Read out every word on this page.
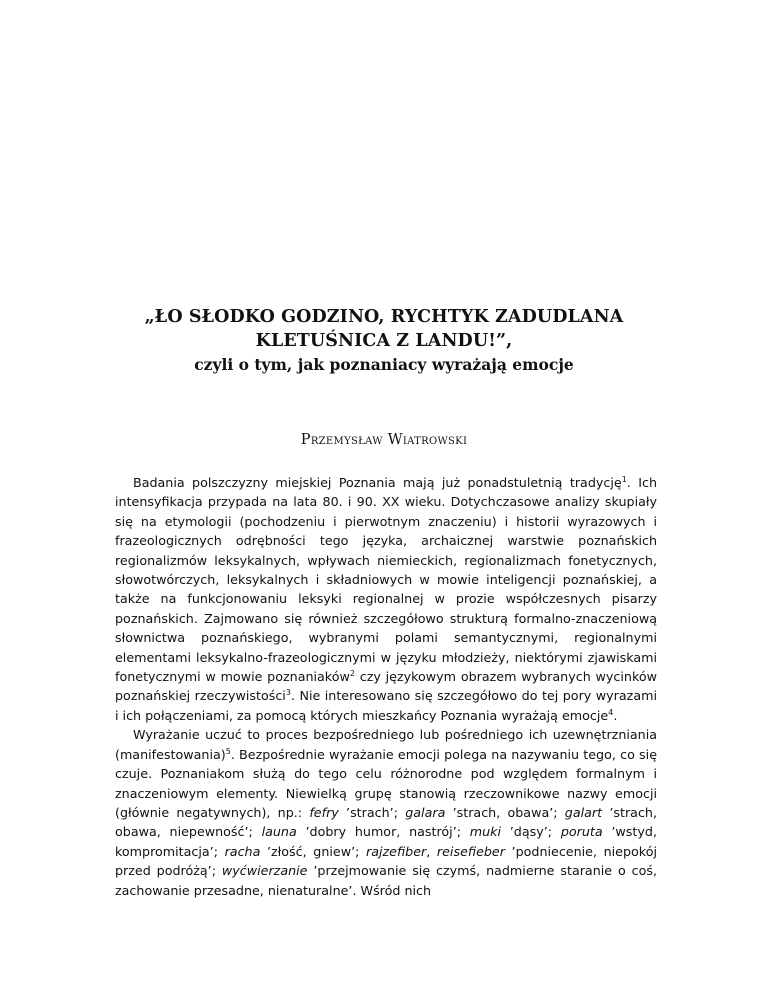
„ŁO SŁODKO GODZINO, RYCHTYK ZADUDLANA
KLETUŚNICA Z LANDU!”,
czyli o tym, jak poznaniacy wyrażają emocje
Przemysław Wiatrowski

Badania polszczyzny miejskiej Poznania mają już ponadstuletnią tradycję$^1$. Ich intensyfikacja przypada na lata 80. i 90. XX wieku. Dotychczasowe analizy skupiały się na etymologii (pochodzeniu i pierwotnym znaczeniu) i historii wyrazowych i frazeologicznych odrębności tego języka, archaicznej warstwie poznańskich regionalizmów leksykalnych, wpływach niemieckich, regionalizmach fonetycznych, słowotwórczych, leksykalnych i składniowych w mowie inteligencji poznańskiej, a także na funkcjonowaniu leksyki regionalnej w prozie współczesnych pisarzy poznańskich. Zajmowano się również szczegółowo strukturą formalno-znaczeniową słownictwa poznańskiego, wybranymi polami semantycznymi, regionalnymi elementami leksykalno-frazeologicznymi w języku młodzieży, niektórymi zjawiskami fonetycznymi w mowie poznaniaków$^2$ czy językowym obrazem wybranych wycinków poznańskiej rzeczywistości$^3$. Nie interesowano się szczegółowo do tej pory wyrazami i ich połączeniami, za pomocą których mieszkańcy Poznania wyrażają emocje$^4$.

Wyrażanie uczuć to proces bezpośredniego lub pośredniego ich uzewnętrzniania (manifestowania)$^5$. Bezpośrednie wyrażanie emocji polega na nazywaniu tego, co się czuje. Poznaniakom służą do tego celu różnorodne pod względem formalnym i znaczeniowym elementy. Niewielką grupę stanowią rzeczownikowe nazwy emocji (głównie negatywnych), np.: fefry ’strach’; galara ’strach, obawa’; galart ’strach, obawa, niepewność’; launa ’dobry humor, nastrój’; muki ’dąsy’; poruta ’wstyd, kompromitacja’; racha ’złość, gniew’; rajzefiber, reisefieber ’podniecenie, niepokój przed podróżą’; wyćwierzanie ’przejmowanie się czymś, nadmierne staranie o coś, zachowanie przesadne, nienaturalne’. Wśród nich
